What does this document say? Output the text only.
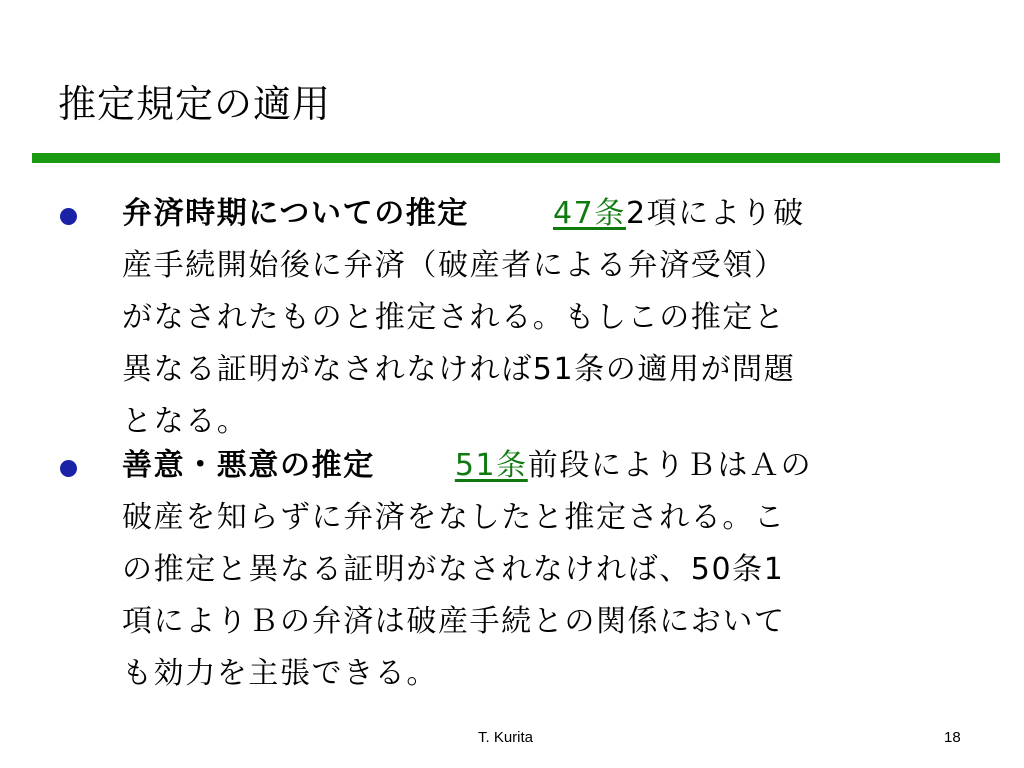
推定規定の適用
弁済時期についての推定	47条2項により破
産手続開始後に弁済（破産者による弁済受領）
がなされたものと推定される。もしこの推定と
異なる証明がなされなければ51条の適用が問題
となる。
善意・悪意の推定	51条前段によりＢはＡの
破産を知らずに弁済をなしたと推定される。こ
の推定と異なる証明がなされなければ、50条1
項によりＢの弁済は破産手続との関係において
も効力を主張できる。
T. Kurita	18
